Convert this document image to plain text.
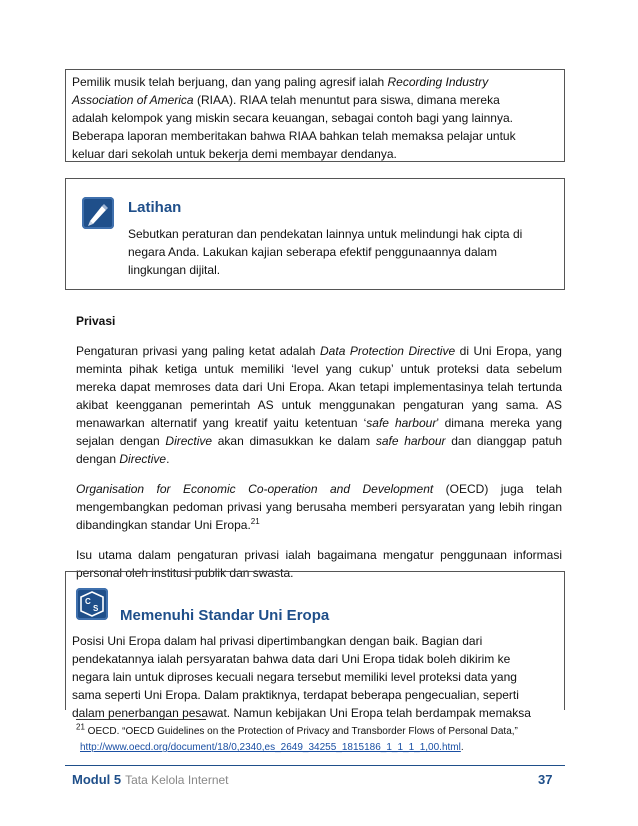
Pemilik musik telah berjuang, dan yang paling agresif ialah Recording Industry
Association of America (RIAA). RIAA telah menuntut para siswa, dimana mereka
adalah kelompok yang miskin secara keuangan, sebagai contoh bagi yang lainnya.
Beberapa laporan memberitakan bahwa RIAA bahkan telah memaksa pelajar untuk
keluar dari sekolah untuk bekerja demi membayar dendanya.
Latihan
Sebutkan peraturan dan pendekatan lainnya untuk melindungi hak cipta di
negara Anda. Lakukan kajian seberapa efektif penggunaannya dalam
lingkungan dijital.
Privasi

Pengaturan privasi yang paling ketat adalah Data Protection Directive di Uni Eropa, yang meminta pihak ketiga untuk memiliki ‘level yang cukup’ untuk proteksi data sebelum mereka dapat memroses data dari Uni Eropa. Akan tetapi implementasinya telah tertunda akibat keengganan pemerintah AS untuk menggunakan pengaturan yang sama. AS menawarkan alternatif yang kreatif yaitu ketentuan ‘safe harbour’ dimana mereka yang sejalan dengan Directive akan dimasukkan ke dalam safe harbour dan dianggap patuh dengan Directive.

Organisation for Economic Co-operation and Development (OECD) juga telah mengembangkan pedoman privasi yang berusaha memberi persyaratan yang lebih ringan dibandingkan standar Uni Eropa.$^{21}$

Isu utama dalam pengaturan privasi ialah bagaimana mengatur penggunaan informasi personal oleh institusi publik dan swasta.

C
S Memenuhi Standar Uni Eropa
Posisi Uni Eropa dalam hal privasi dipertimbangkan dengan baik. Bagian dari
pendekatannya ialah persyaratan bahwa data dari Uni Eropa tidak boleh dikirim ke
negara lain untuk diproses kecuali negara tersebut memiliki level proteksi data yang
sama seperti Uni Eropa. Dalam praktiknya, terdapat beberapa pengecualian, seperti
dalam penerbangan pesawat. Namun kebijakan Uni Eropa telah berdampak memaksa
$^{21}$ OECD. “OECD Guidelines on the Protection of Privacy and Transborder Flows of Personal Data,”
http://www.oecd.org/document/18/0,2340,es_2649_34255_1815186_1_1_1_1,00.html.
Modul 5 Tata Kelola Internet	37
